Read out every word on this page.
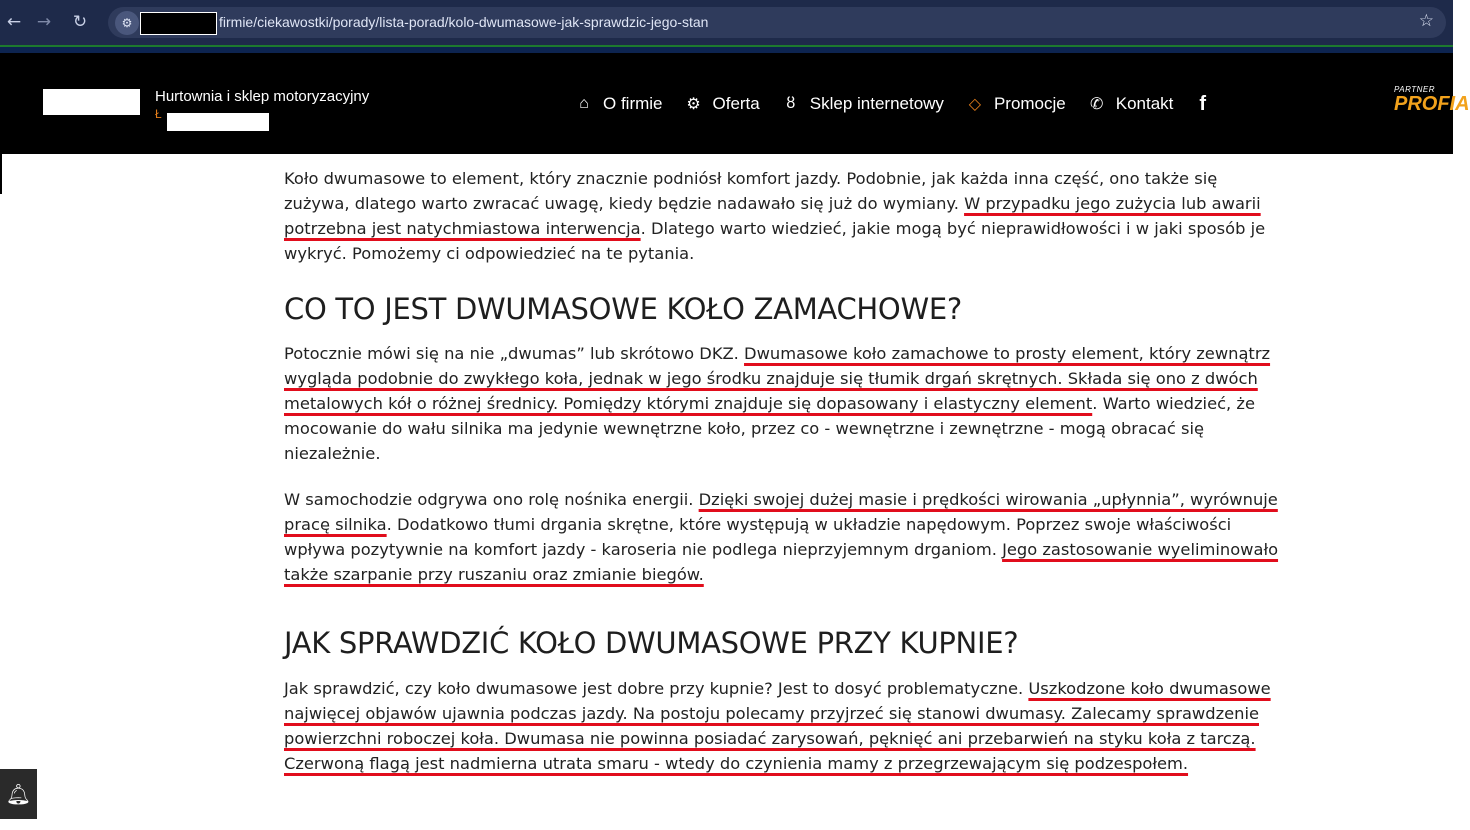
← → ↻	⚙	firmie/ciekawostki/porady/lista-porad/kolo-dwumasowe-jak-sprawdzic-jego-stan	☆
Hurtownia i sklep motoryzacyjny
Ł
⌂ O firmie ⚙ Oferta	ȣ Sklep internetowy	◇ Promocje ✆ Kontakt f
PARTNER
PROFIA

Koło dwumasowe to element, który znacznie podniósł komfort jazdy. Podobnie, jak każda inna część, ono także się zużywa, dlatego warto zwracać uwagę, kiedy będzie nadawało się już do wymiany. W przypadku jego zużycia lub awarii potrzebna jest natychmiastowa interwencja. Dlatego warto wiedzieć, jakie mogą być nieprawidłowości i w jaki sposób je wykryć. Pomożemy ci odpowiedzieć na te pytania.

CO TO JEST DWUMASOWE KOŁO ZAMACHOWE?

Potocznie mówi się na nie „dwumas” lub skrótowo DKZ. Dwumasowe koło zamachowe to prosty element, który zewnątrz wygląda podobnie do zwykłego koła, jednak w jego środku znajduje się tłumik drgań skrętnych. Składa się ono z dwóch metalowych kół o różnej średnicy. Pomiędzy którymi znajduje się dopasowany i elastyczny element. Warto wiedzieć, że mocowanie do wału silnika ma jedynie wewnętrzne koło, przez co - wewnętrzne i zewnętrzne - mogą obracać się niezależnie.

W samochodzie odgrywa ono rolę nośnika energii. Dzięki swojej dużej masie i prędkości wirowania „upłynnia”, wyrównuje pracę silnika. Dodatkowo tłumi drgania skrętne, które występują w układzie napędowym. Poprzez swoje właściwości wpływa pozytywnie na komfort jazdy - karoseria nie podlega nieprzyjemnym drganiom. Jego zastosowanie wyeliminowało także szarpanie przy ruszaniu oraz zmianie biegów.

JAK SPRAWDZIĆ KOŁO DWUMASOWE PRZY KUPNIE?

Jak sprawdzić, czy koło dwumasowe jest dobre przy kupnie? Jest to dosyć problematyczne. Uszkodzone koło dwumasowe najwięcej objawów ujawnia podczas jazdy. Na postoju polecamy przyjrzeć się stanowi dwumasy. Zalecamy sprawdzenie powierzchni roboczej koła. Dwumasa nie powinna posiadać zarysowań, pęknięć ani przebarwień na styku koła z tarczą. Czerwoną flagą jest nadmierna utrata smaru - wtedy do czynienia mamy z przegrzewającym się podzespołem.

🔔︎
